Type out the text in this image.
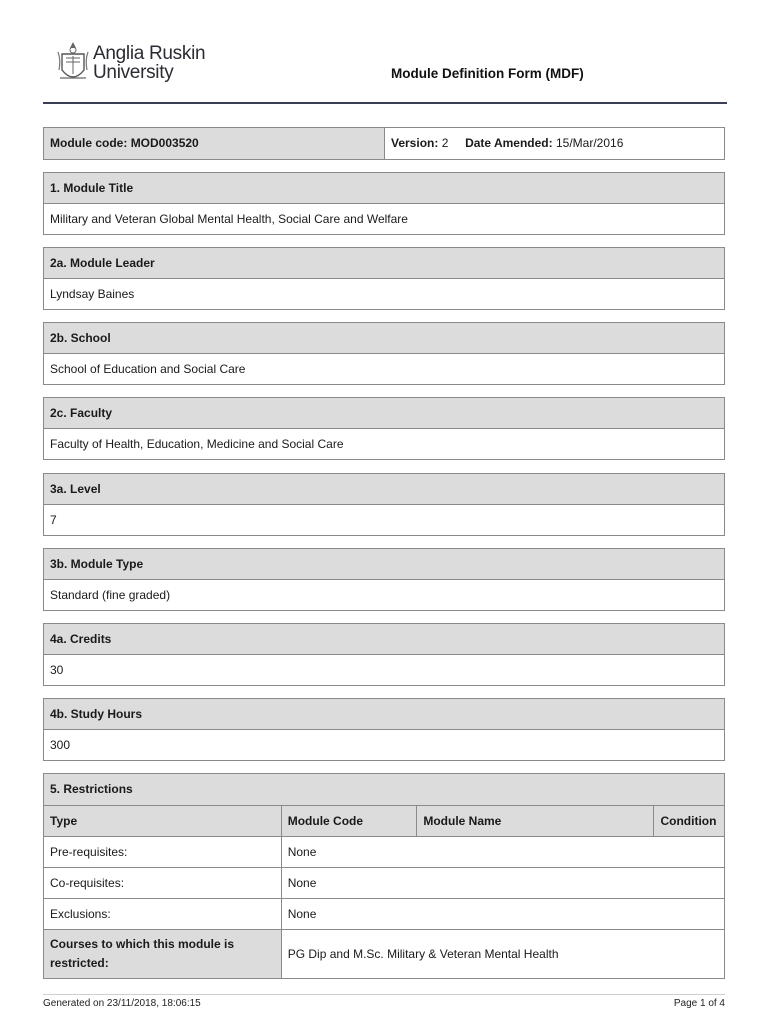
Anglia Ruskin
University	Module Definition Form (MDF)
Module code: MOD003520	Version: 2 Date Amended: 15/Mar/2016
1. Module Title
Military and Veteran Global Mental Health, Social Care and Welfare
2a. Module Leader
Lyndsay Baines
2b. School
School of Education and Social Care
2c. Faculty
Faculty of Health, Education, Medicine and Social Care
3a. Level
7
3b. Module Type
Standard (fine graded)
4a. Credits
30
4b. Study Hours
300
5. Restrictions
Type	Module Code	Module Name	Condition
Pre-requisites:	None		
Co-requisites:	None		
Exclusions:	None		
Courses to which this module is restricted:	PG Dip and M.Sc. Military & Veteran Mental Health		
Generated on 23/11/2018, 18:06:15	Page 1 of 4
